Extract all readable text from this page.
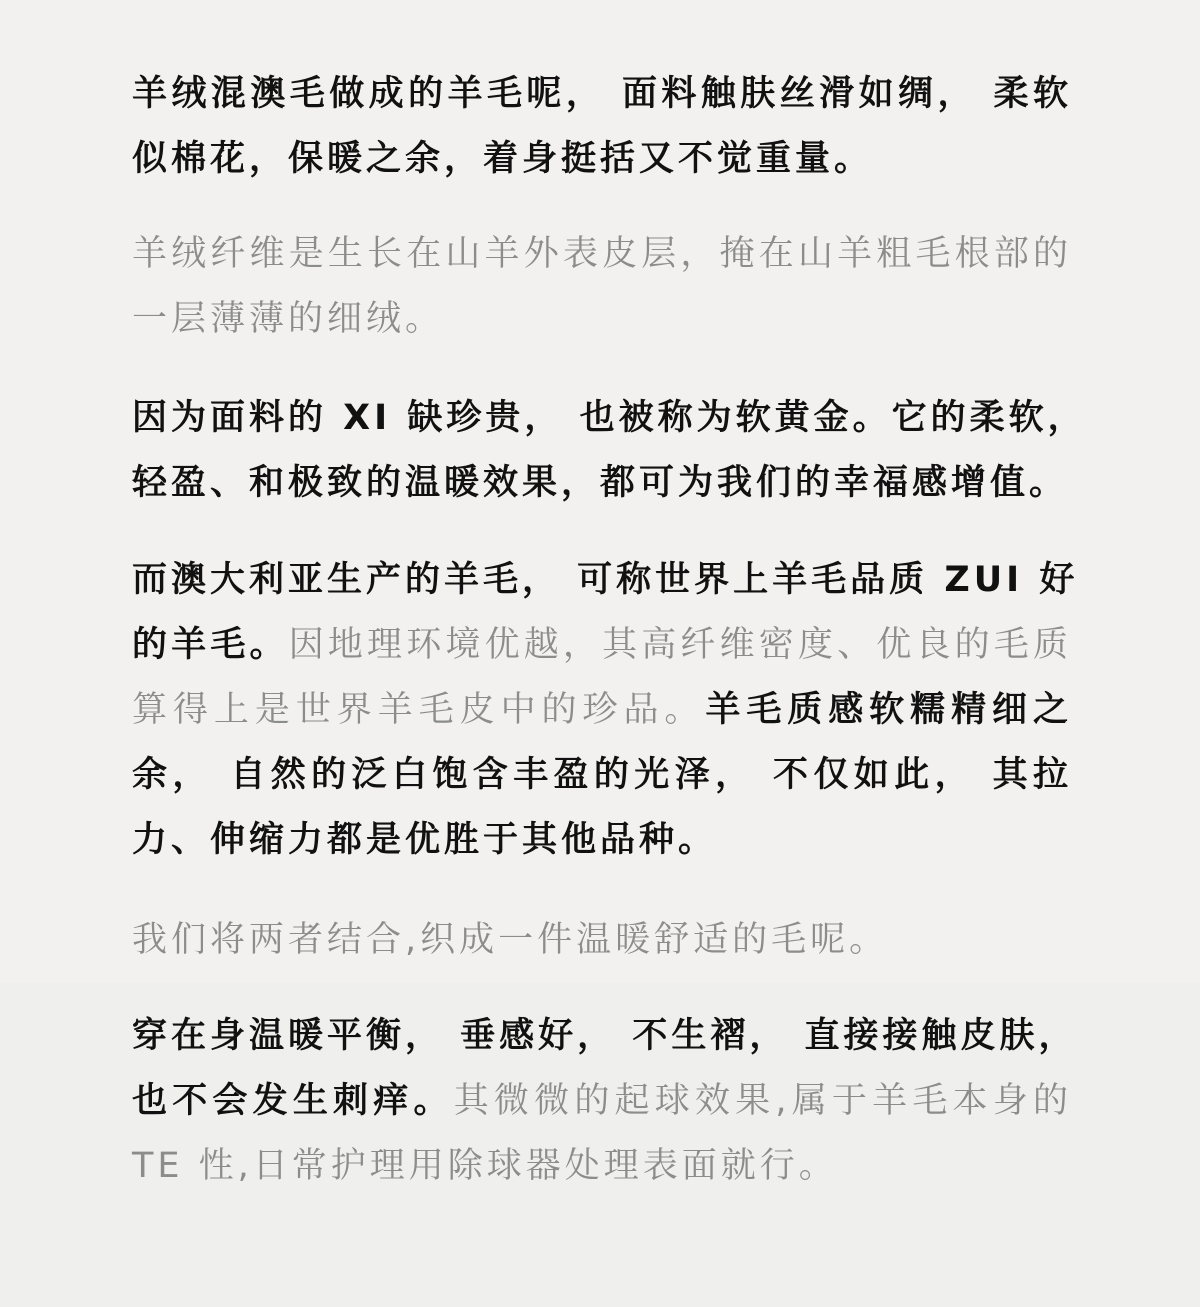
羊绒混澳毛做成的羊毛呢， 面料触肤丝滑如绸， 柔软
似棉花，保暖之余，着身挺括又不觉重量。

羊绒纤维是生长在山羊外表皮层，掩在山羊粗毛根部的
一层薄薄的细绒。

因为面料的 XI 缺珍贵， 也被称为软黄金。它的柔软，
轻盈、和极致的温暖效果，都可为我们的幸福感增值。

而澳大利亚生产的羊毛， 可称世界上羊毛品质 ZUI 好
的羊毛。因地理环境优越，其高纤维密度、优良的毛质
算得上是世界羊毛皮中的珍品。羊毛质感软糯精细之
余， 自然的泛白饱含丰盈的光泽， 不仅如此， 其拉
力、伸缩力都是优胜于其他品种。

我们将两者结合,织成一件温暖舒适的毛呢。

穿在身温暖平衡， 垂感好， 不生褶， 直接接触皮肤，
也不会发生刺痒。其微微的起球效果,属于羊毛本身的
TE 性,日常护理用除球器处理表面就行。
